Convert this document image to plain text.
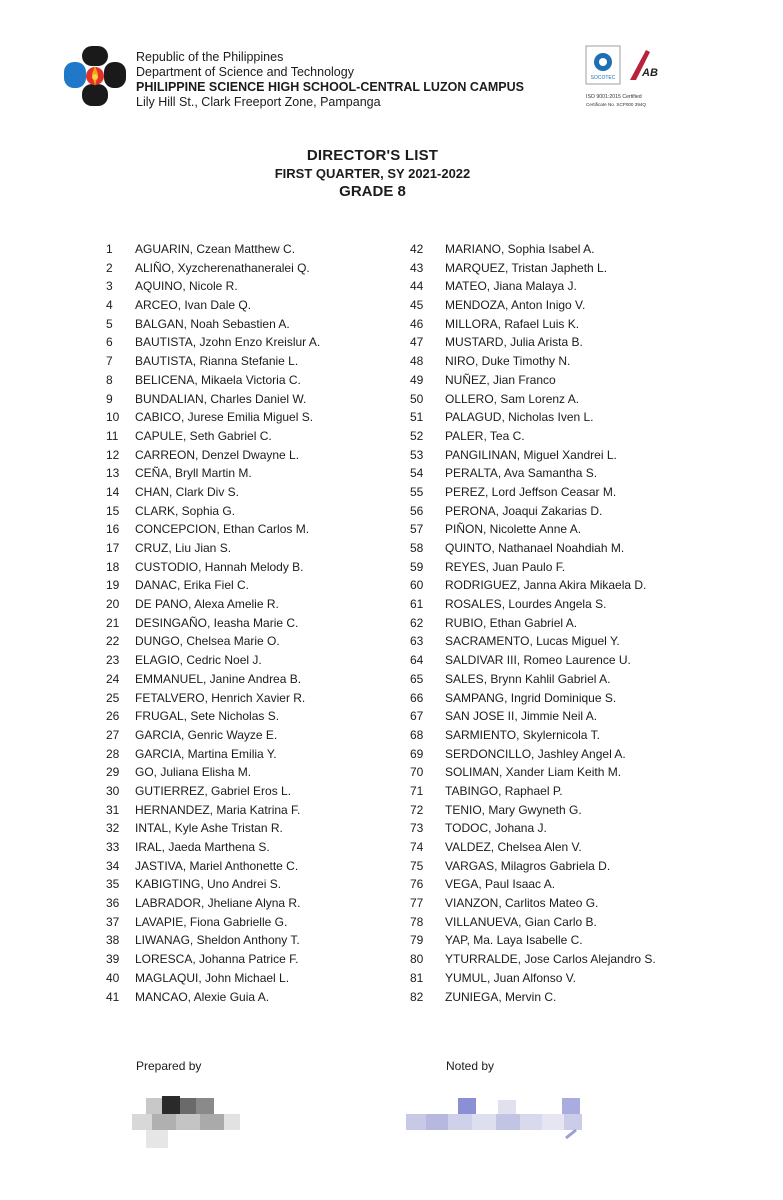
Republic of the Philippines
Department of Science and Technology
PHILIPPINE SCIENCE HIGH SCHOOL-CENTRAL LUZON CAMPUS
Lily Hill St., Clark Freeport Zone, Pampanga
SOCOTEC AB
ISO 9001:2015 Certified
Certificate No. SCP000 394Q
DIRECTOR'S LIST
FIRST QUARTER, SY 2021-2022
GRADE 8
1 AGUARIN, Czean Matthew C.
2 ALIÑO, Xyzcherenathaneralei Q.
3 AQUINO, Nicole R.
4 ARCEO, Ivan Dale Q.
5 BALGAN, Noah Sebastien A.
6 BAUTISTA, Jzohn Enzo Kreislur A.
7 BAUTISTA, Rianna Stefanie L.
8 BELICENA, Mikaela Victoria C.
9 BUNDALIAN, Charles Daniel W.
10 CABICO, Jurese Emilia Miguel S.
11 CAPULE, Seth Gabriel C.
12 CARREON, Denzel Dwayne L.
13 CEÑA, Bryll Martin M.
14 CHAN, Clark Div S.
15 CLARK, Sophia G.
16 CONCEPCION, Ethan Carlos M.
17 CRUZ, Liu Jian S.
18 CUSTODIO, Hannah Melody B.
19 DANAC, Erika Fiel C.
20 DE PANO, Alexa Amelie R.
21 DESINGAÑO, Ieasha Marie C.
22 DUNGO, Chelsea Marie O.
23 ELAGIO, Cedric Noel J.
24 EMMANUEL, Janine Andrea B.
25 FETALVERO, Henrich Xavier R.
26 FRUGAL, Sete Nicholas S.
27 GARCIA, Genric Wayze E.
28 GARCIA, Martina Emilia Y.
29 GO, Juliana Elisha M.
30 GUTIERREZ, Gabriel Eros L.
31 HERNANDEZ, Maria Katrina F.
32 INTAL, Kyle Ashe Tristan R.
33 IRAL, Jaeda Marthena S.
34 JASTIVA, Mariel Anthonette C.
35 KABIGTING, Uno Andrei S.
36 LABRADOR, Jheliane Alyna R.
37 LAVAPIE, Fiona Gabrielle G.
38 LIWANAG, Sheldon Anthony T.
39 LORESCA, Johanna Patrice F.
40 MAGLAQUI, John Michael L.
41 MANCAO, Alexie Guia A.
42 MARIANO, Sophia Isabel A.
43 MARQUEZ, Tristan Japheth L.
44 MATEO, Jiana Malaya J.
45 MENDOZA, Anton Inigo V.
46 MILLORA, Rafael Luis K.
47 MUSTARD, Julia Arista B.
48 NIRO, Duke Timothy N.
49 NUÑEZ, Jian Franco
50 OLLERO, Sam Lorenz A.
51 PALAGUD, Nicholas Iven L.
52 PALER, Tea C.
53 PANGILINAN, Miguel Xandrei L.
54 PERALTA, Ava Samantha S.
55 PEREZ, Lord Jeffson Ceasar M.
56 PERONA, Joaqui Zakarias D.
57 PIÑON, Nicolette Anne A.
58 QUINTO, Nathanael Noahdiah M.
59 REYES, Juan Paulo F.
60 RODRIGUEZ, Janna Akira Mikaela D.
61 ROSALES, Lourdes Angela S.
62 RUBIO, Ethan Gabriel A.
63 SACRAMENTO, Lucas Miguel Y.
64 SALDIVAR III, Romeo Laurence U.
65 SALES, Brynn Kahlil Gabriel A.
66 SAMPANG, Ingrid Dominique S.
67 SAN JOSE II, Jimmie Neil A.
68 SARMIENTO, Skylernicola T.
69 SERDONCILLO, Jashley Angel A.
70 SOLIMAN, Xander Liam Keith M.
71 TABINGO, Raphael P.
72 TENIO, Mary Gwyneth G.
73 TODOC, Johana J.
74 VALDEZ, Chelsea Alen V.
75 VARGAS, Milagros Gabriela D.
76 VEGA, Paul Isaac A.
77 VIANZON, Carlitos Mateo G.
78 VILLANUEVA, Gian Carlo B.
79 YAP, Ma. Laya Isabelle C.
80 YTURRALDE, Jose Carlos Alejandro S.
81 YUMUL, Juan Alfonso V.
82 ZUNIEGA, Mervin C.
Prepared by	Noted by
